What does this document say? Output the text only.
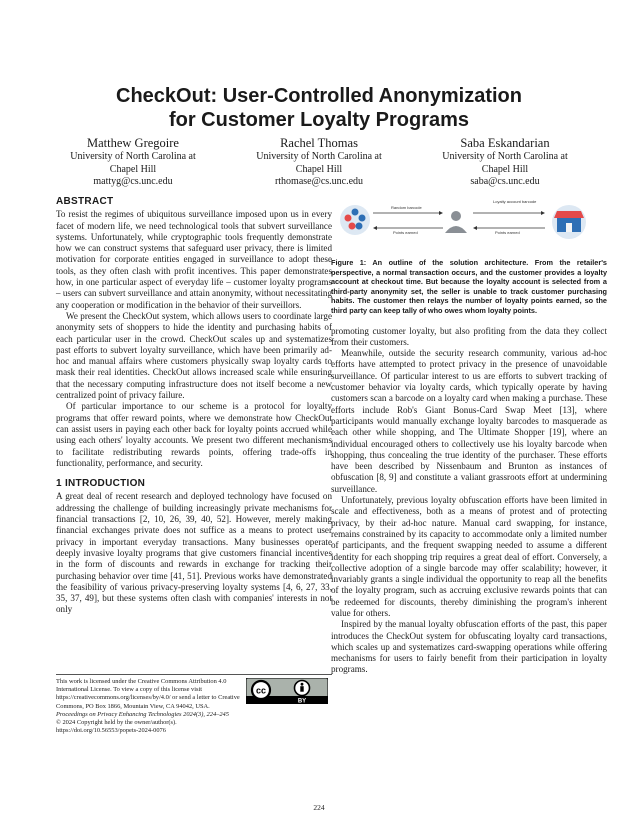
CheckOut: User-Controlled Anonymization
for Customer Loyalty Programs
Matthew Gregoire
University of North Carolina at
Chapel Hill
mattyg@cs.unc.edu
Rachel Thomas
University of North Carolina at
Chapel Hill
rthomase@cs.unc.edu
Saba Eskandarian
University of North Carolina at
Chapel Hill
saba@cs.unc.edu
ABSTRACT

To resist the regimes of ubiquitous surveillance imposed upon us in every facet of modern life, we need technological tools that subvert surveillance systems. Unfortunately, while cryptographic tools frequently demonstrate how we can construct systems that safeguard user privacy, there is limited motivation for corporate entities engaged in surveillance to adopt these tools, as they often clash with profit incentives. This paper demonstrates how, in one particular aspect of everyday life – customer loyalty programs – users can subvert surveillance and attain anonymity, without necessitating any cooperation or modification in the behavior of their surveillors.

We present the CheckOut system, which allows users to coordinate large anonymity sets of shoppers to hide the identity and purchasing habits of each particular user in the crowd. CheckOut scales up and systematizes past efforts to subvert loyalty surveillance, which have been primarily ad-hoc and manual affairs where customers physically swap loyalty cards to mask their real identities. CheckOut allows increased scale while ensuring that the necessary computing infrastructure does not itself become a new centralized point of privacy failure.

Of particular importance to our scheme is a protocol for loyalty programs that offer reward points, where we demonstrate how CheckOut can assist users in paying each other back for loyalty points accrued while using each others' loyalty accounts. We present two different mechanisms to facilitate redistributing rewards points, offering trade-offs in functionality, performance, and security.

1 INTRODUCTION

A great deal of recent research and deployed technology have focused on addressing the challenge of building increasingly private mechanisms for financial transactions [2, 10, 26, 39, 40, 52]. However, merely making financial exchanges private does not suffice as a means to protect user privacy in important everyday transactions. Many businesses operate deeply invasive loyalty programs that give customers financial incentives in the form of discounts and rewards in exchange for tracking their purchasing behavior over time [41, 51]. Previous works have demonstrated the feasibility of various privacy-preserving loyalty systems [4, 6, 27, 33, 35, 37, 49], but these systems often clash with companies' interests in not only

This work is licensed under the Creative Commons Attribution 4.0 International License. To view a copy of this license visit https://creativecommons.org/licenses/by/4.0/ or send a letter to Creative Commons, PO Box 1866, Mountain View, CA 94042, USA.
Proceedings on Privacy Enhancing Technologies 2024(3), 224–245
© 2024 Copyright held by the owner/author(s).
https://doi.org/10.56553/popets-2024-0076
cc
BY
Random barcode
Points earned
Loyalty account barcode
Points earned
Figure 1: An outline of the solution architecture. From the retailer's perspective, a normal transaction occurs, and the customer provides a loyalty account at checkout time. But because the loyalty account is selected from a third-party anonymity set, the seller is unable to track customer purchasing habits. The customer then relays the number of loyalty points earned, so the third party can keep tally of who owes whom loyalty points.

promoting customer loyalty, but also profiting from the data they collect from their customers.

Meanwhile, outside the security research community, various ad-hoc efforts have attempted to protect privacy in the presence of unavoidable surveillance. Of particular interest to us are efforts to subvert tracking of customer behavior via loyalty cards, which typically operate by having customers scan a barcode on a loyalty card when making a purchase. These efforts include Rob's Giant Bonus-Card Swap Meet [13], where participants would manually exchange loyalty barcodes to masquerade as each other while shopping, and The Ultimate Shopper [19], where an individual encouraged others to collectively use his loyalty barcode when shopping, thus concealing the true identity of the purchaser. These efforts have been described by Nissenbaum and Brunton as instances of obfuscation [8, 9] and constitute a valiant grassroots effort at undermining surveillance.

Unfortunately, previous loyalty obfuscation efforts have been limited in scale and effectiveness, both as a means of protest and of protecting privacy, by their ad-hoc nature. Manual card swapping, for instance, remains constrained by its capacity to accommodate only a limited number of participants, and the frequent swapping needed to assume a different identity for each shopping trip requires a great deal of effort. Conversely, a collective adoption of a single barcode may offer scalability; however, it invariably grants a single individual the opportunity to reap all the benefits of the loyalty program, such as accruing exclusive rewards points that can be redeemed for discounts, thereby diminishing the program's inherent value for others.

Inspired by the manual loyalty obfuscation efforts of the past, this paper introduces the CheckOut system for obfuscating loyalty card transactions, which scales up and systematizes card-swapping operations while offering mechanisms for users to fairly benefit from their participation in loyalty programs.

224
